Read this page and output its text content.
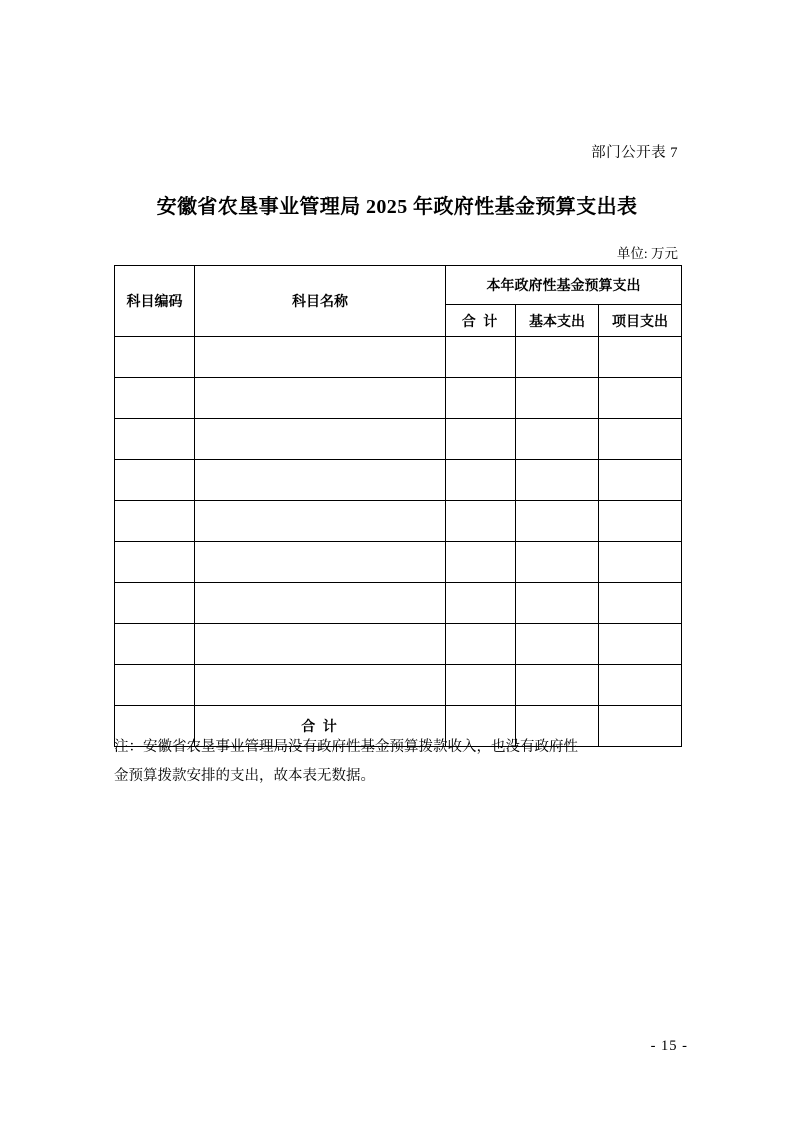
部门公开表 7
安徽省农垦事业管理局 2025 年政府性基金预算支出表
单位: 万元
科目编码	科目名称	本年政府性基金预算支出		
		合 计	基本支出	项目支出

	合 计			
注：安徽省农垦事业管理局没有政府性基金预算拨款收入，也没有政府性
金预算拨款安排的支出，故本表无数据。
- 15 -
